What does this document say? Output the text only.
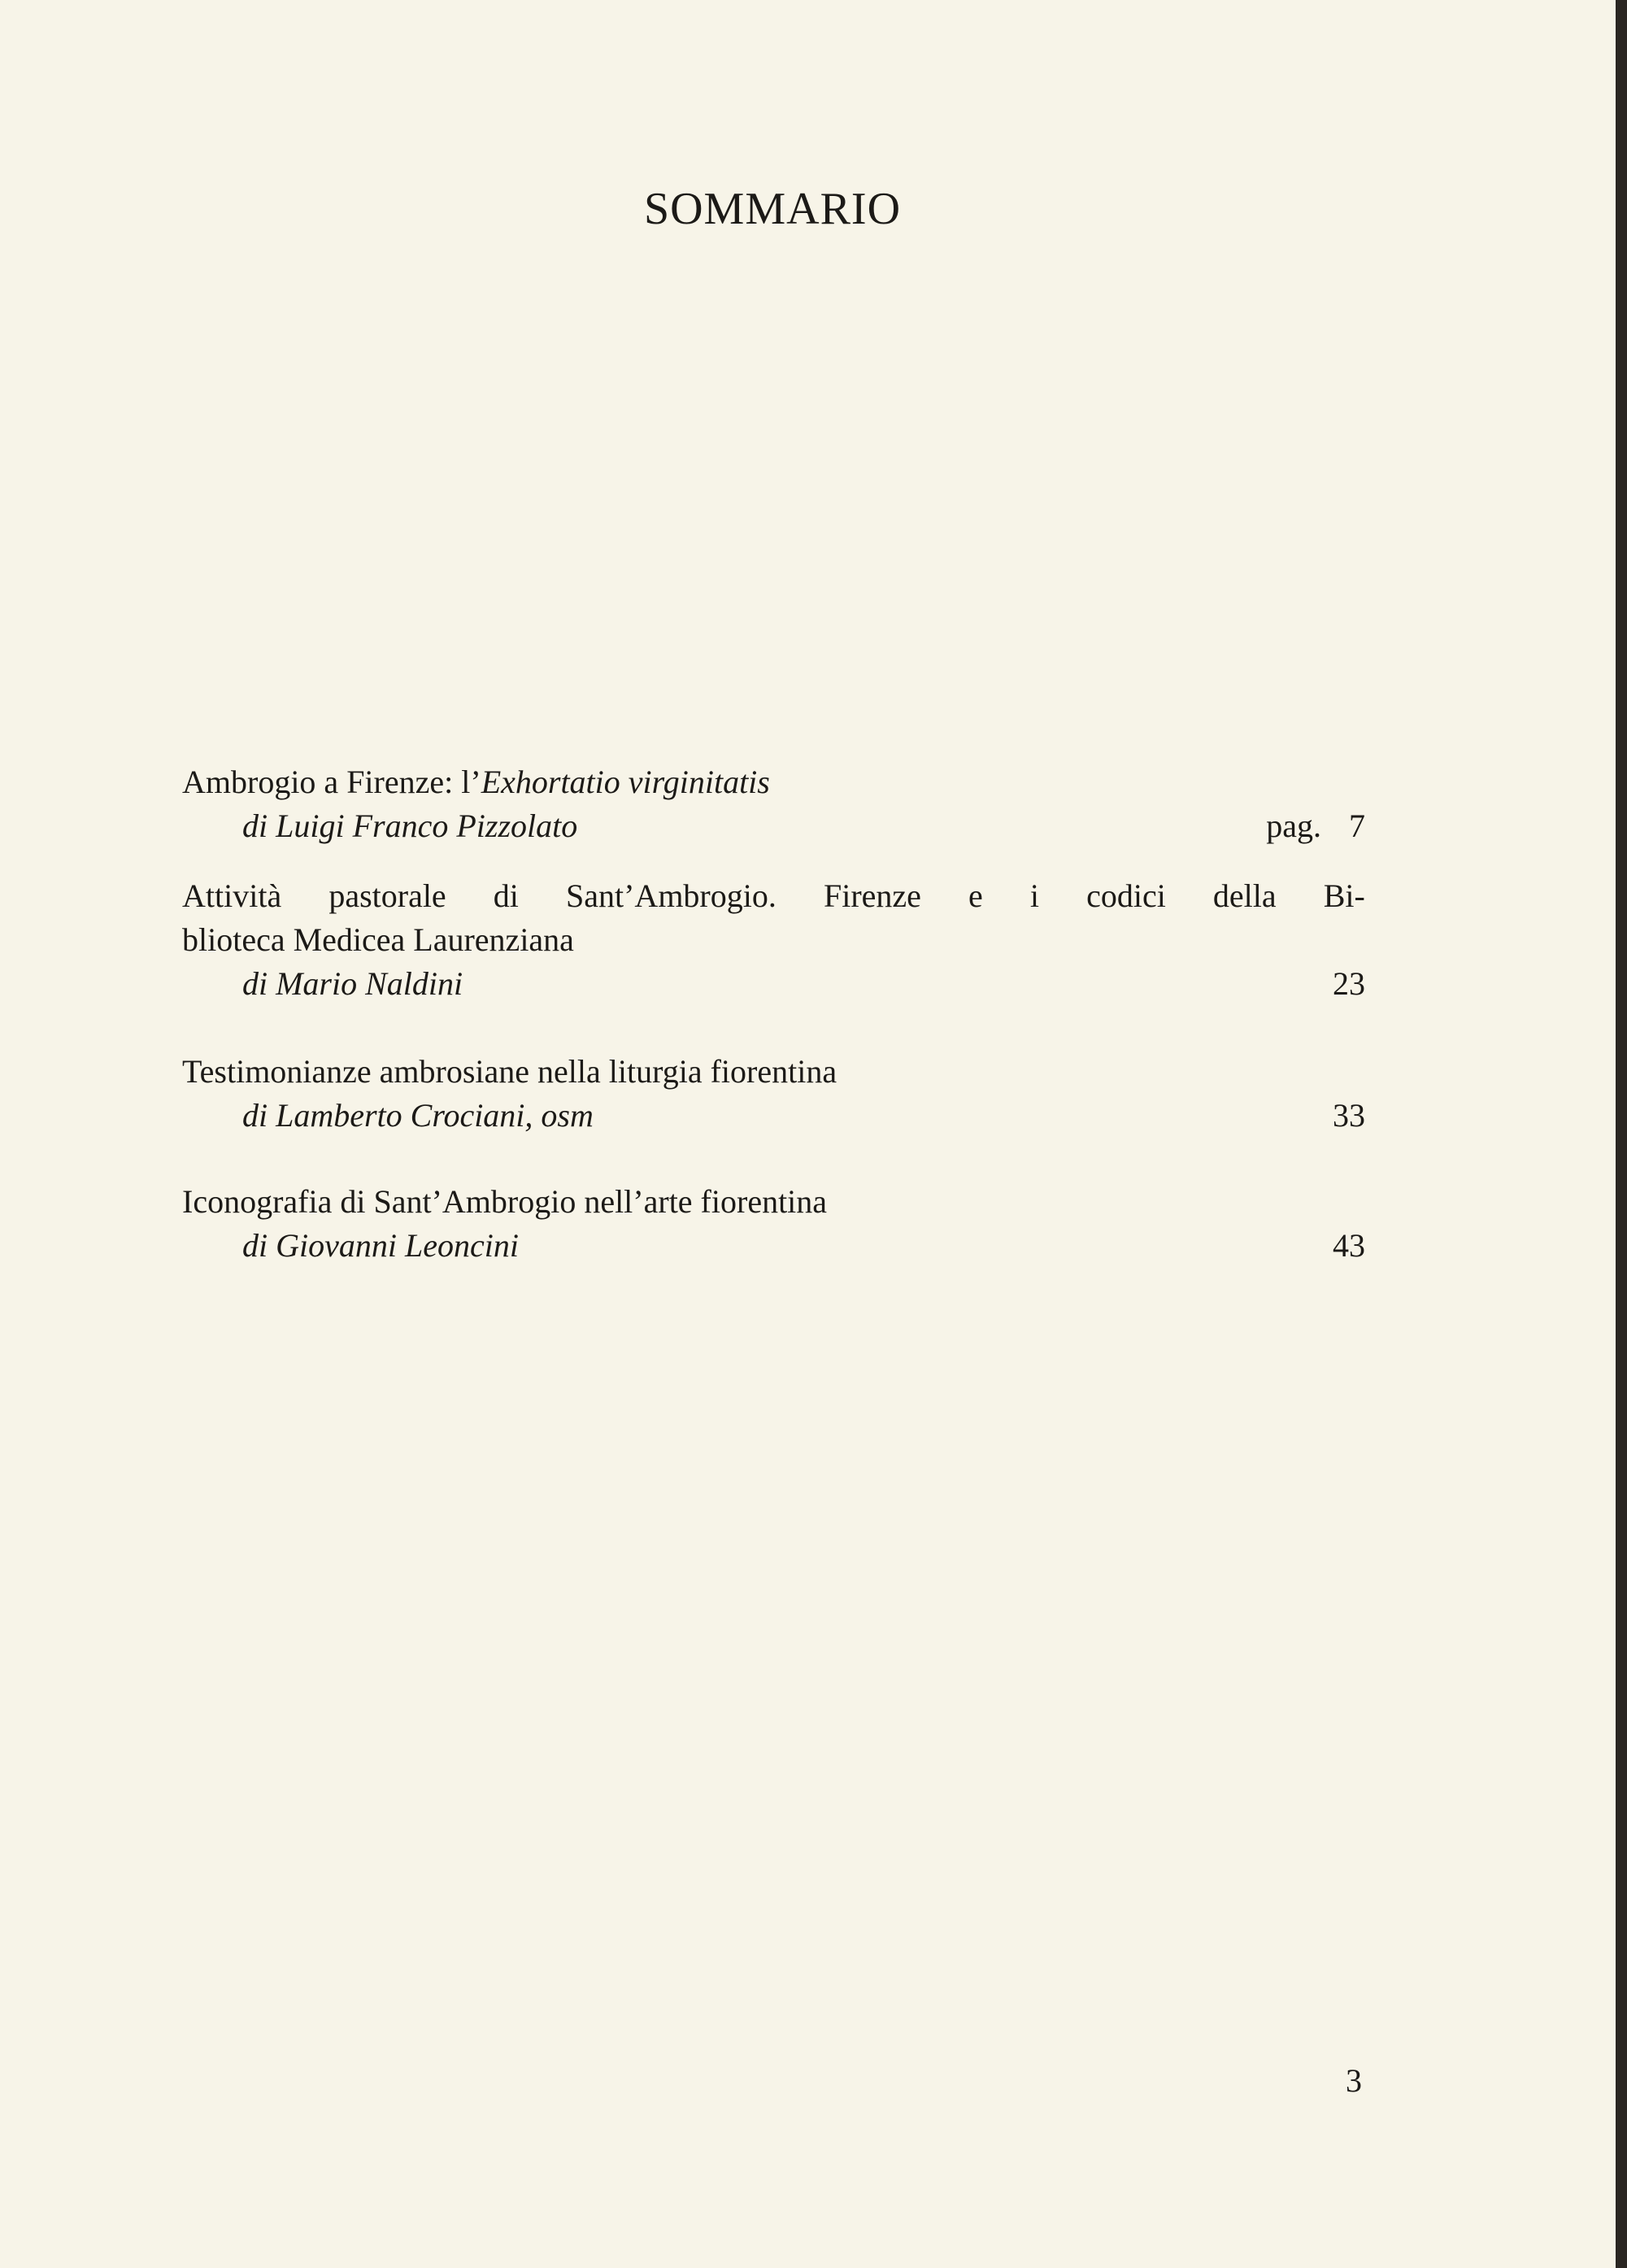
SOMMARIO
Ambrogio a Firenze: l’Exhortatio virginitatis
di Luigi Franco Pizzolato	pag. 7
Attività pastorale di Sant’Ambrogio. Firenze e i codici della Bi-
blioteca Medicea Laurenziana
di Mario Naldini	23
Testimonianze ambrosiane nella liturgia fiorentina
di Lamberto Crociani, osm	33
Iconografia di Sant’Ambrogio nell’arte fiorentina
di Giovanni Leoncini	43
3
